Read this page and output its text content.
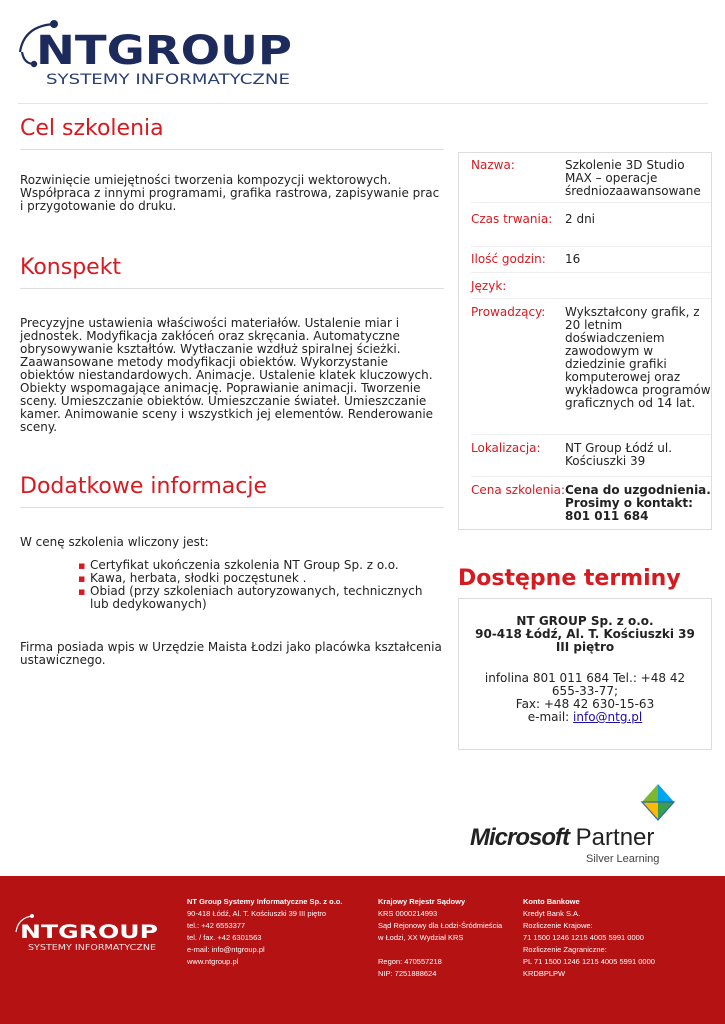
NTGROUP
SYSTEMY INFORMATYCZNE
Cel szkolenia

Rozwinięcie umiejętności tworzenia kompozycji wektorowych. Współpraca z innymi programami, grafika rastrowa, zapisywanie prac i przygotowanie do druku.

Konspekt

Precyzyjne ustawienia właściwości materiałów. Ustalenie miar i jednostek. Modyfikacja zakłóceń oraz skręcania. Automatyczne obrysowywanie kształtów. Wytłaczanie wzdłuż spiralnej ścieżki. Zaawansowane metody modyfikacji obiektów. Wykorzystanie obiektów niestandardowych. Animacje. Ustalenie klatek kluczowych. Obiekty wspomagające animację. Poprawianie animacji. Tworzenie sceny. Umieszczanie obiektów. Umieszczanie świateł. Umieszczanie kamer. Animowanie sceny i wszystkich jej elementów. Renderowanie sceny.

Dodatkowe informacje

W cenę szkolenia wliczony jest:

▪ Certyfikat ukończenia szkolenia NT Group Sp. z o.o.
▪ Kawa, herbata, słodki poczęstunek .
▪ Obiad (przy szkoleniach autoryzowanych, technicznych lub dedykowanych)

Firma posiada wpis w Urzędzie Maista Łodzi jako placówka kształcenia ustawicznego.

Nazwa:	Szkolenie 3D Studio MAX – operacje średniozaawansowane
Czas trwania:	2 dni
Ilość godzin:	16
Język:
Prowadzący:	Wykształcony grafik, z 20 letnim doświadczeniem zawodowym w dziedzinie grafiki komputerowej oraz wykładowca programów graficznych od 14 lat.
Lokalizacja:	NT Group Łódź ul. Kościuszki 39
Cena szkolenia: Cena do uzgodnienia. Prosimy o kontakt: 801 011 684
Dostępne terminy
NT GROUP Sp. z o.o.
90-418 Łódź, Al. T. Kościuszki 39
III piętro
infolina 801 011 684 Tel.: +48 42 655-33-77;
Fax: +48 42 630-15-63
e-mail: info@ntg.pl
Microsoft Partner
Silver Learning
NTGROUP
SYSTEMY INFORMATYCZNE
NT Group Systemy Informatyczne Sp. z o.o.
90-418 Łódź, Al. T. Kościuszki 39 III piętro
tel.: +42 6553377
tel. / fax. +42 6301563
e-mail: info@ntgroup.pl
www.ntgroup.pl
Krajowy Rejestr Sądowy
KRS 0000214993
Sąd Rejonowy dla Łodzi-Śródmieścia
w Łodzi, XX Wydział KRS
Regon: 470557218
NIP: 7251888624
Konto Bankowe
Kredyt Bank S.A.
Rozliczenie Krajowe:
71 1500 1246 1215 4005 5991 0000
Rozliczenie Zagraniczne:
PL 71 1500 1246 1215 4005 5991 0000
KRDBPLPW
